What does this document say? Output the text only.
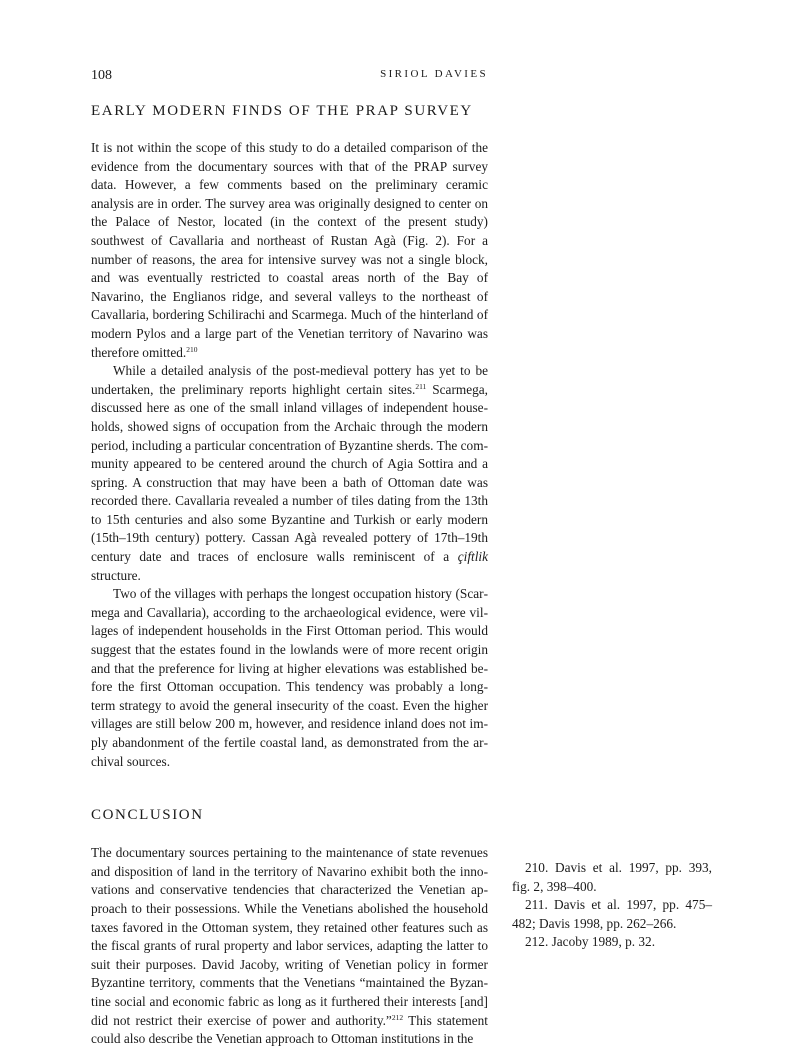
108	SIRIOL DAVIES
EARLY MODERN FINDS OF THE PRAP SURVEY

It is not within the scope of this study to do a detailed comparison of the evidence from the documentary sources with that of the PRAP survey data. However, a few comments based on the preliminary ceramic analysis are in order. The survey area was originally designed to center on the Palace of Nestor, located (in the context of the present study) southwest of Cavallaria and northeast of Rustan Agà (Fig. 2). For a number of reasons, the area for intensive survey was not a single block, and was eventually restricted to coastal areas north of the Bay of Navarino, the Englianos ridge, and several valleys to the northeast of Cavallaria, bordering Schilirachi and Scarmega. Much of the hinterland of modern Pylos and a large part of the Venetian territory of Navarino was therefore omitted.$^{210}$

While a detailed analysis of the post-medieval pottery has yet to be undertaken, the preliminary reports highlight certain sites.$^{211}$ Scarmega, discussed here as one of the small inland villages of independent households, showed signs of occupation from the Archaic through the modern period, including a particular concentration of Byzantine sherds. The community appeared to be centered around the church of Agia Sottira and a spring. A construction that may have been a bath of Ottoman date was recorded there. Cavallaria revealed a number of tiles dating from the 13th to 15th centuries and also some Byzantine and Turkish or early modern (15th–19th century) pottery. Cassan Agà revealed pottery of 17th–19th century date and traces of enclosure walls reminiscent of a çiftlik structure.

Two of the villages with perhaps the longest occupation history (Scarmega and Cavallaria), according to the archaeological evidence, were villages of independent households in the First Ottoman period. This would suggest that the estates found in the lowlands were of more recent origin and that the preference for living at higher elevations was established before the first Ottoman occupation. This tendency was probably a long-term strategy to avoid the general insecurity of the coast. Even the higher villages are still below 200 m, however, and residence inland does not imply abandonment of the fertile coastal land, as demonstrated from the archival sources.

CONCLUSION

The documentary sources pertaining to the maintenance of state revenues and disposition of land in the territory of Navarino exhibit both the innovations and conservative tendencies that characterized the Venetian approach to their possessions. While the Venetians abolished the household taxes favored in the Ottoman system, they retained other features such as the fiscal grants of rural property and labor services, adapting the latter to suit their purposes. David Jacoby, writing of Venetian policy in former Byzantine territory, comments that the Venetians “maintained the Byzantine social and economic fabric as long as it furthered their interests [and] did not restrict their exercise of power and authority.”$^{212}$ This statement could also describe the Venetian approach to Ottoman institutions in the

210. Davis et al. 1997, pp. 393, fig. 2, 398–400.

211. Davis et al. 1997, pp. 475–482; Davis 1998, pp. 262–266.

212. Jacoby 1989, p. 32.
